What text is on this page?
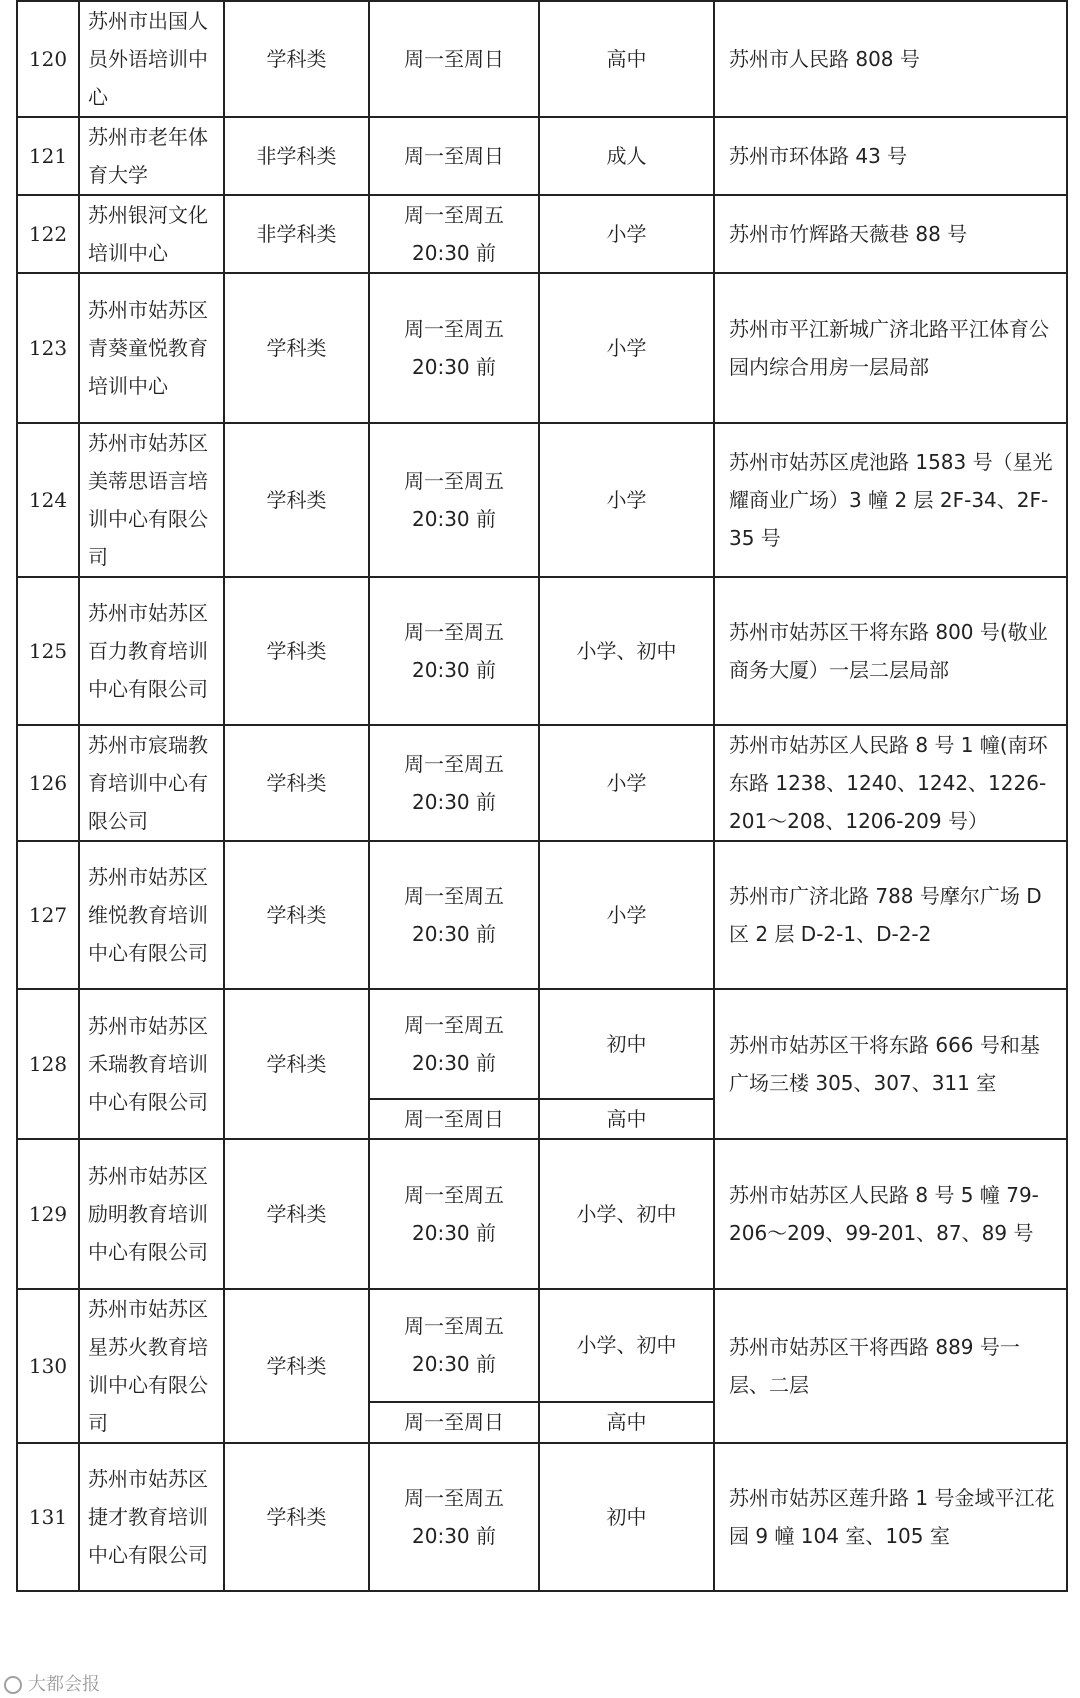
120	苏州市出国人员外语培训中心	学科类	周一至周日	高中	苏州市人民路 808 号
121	苏州市老年体育大学	非学科类	周一至周日	成人	苏州市环体路 43 号
122	苏州银河文化培训中心	非学科类	周一至周五 20:30 前	小学	苏州市竹辉路天薇巷 88 号
123	苏州市姑苏区青葵童悦教育培训中心	学科类	周一至周五 20:30 前	小学	苏州市平江新城广济北路平江体育公园内综合用房一层局部
124	苏州市姑苏区美蒂思语言培训中心有限公司	学科类	周一至周五 20:30 前	小学	苏州市姑苏区虎池路 1583 号（星光耀商业广场）3 幢 2 层 2F-34、2F-35 号
125	苏州市姑苏区百力教育培训中心有限公司	学科类	周一至周五 20:30 前	小学、初中	苏州市姑苏区干将东路 800 号(敬业商务大厦）一层二层局部
126	苏州市宸瑞教育培训中心有限公司	学科类	周一至周五 20:30 前	小学	苏州市姑苏区人民路 8 号 1 幢(南环东路 1238、1240、1242、1226-201～208、1206-209 号）
127	苏州市姑苏区维悦教育培训中心有限公司	学科类	周一至周五 20:30 前	小学	苏州市广济北路 788 号摩尔广场 D 区 2 层 D-2-1、D-2-2
128	苏州市姑苏区禾瑞教育培训中心有限公司	学科类	周一至周五 20:30 前	初中	苏州市姑苏区干将东路 666 号和基广场三楼 305、307、311 室
			周一至周日	高中	
129	苏州市姑苏区励明教育培训中心有限公司	学科类	周一至周五 20:30 前	小学、初中	苏州市姑苏区人民路 8 号 5 幢 79-206～209、99-201、87、89 号
130	苏州市姑苏区星苏火教育培训中心有限公司	学科类	周一至周五 20:30 前	小学、初中	苏州市姑苏区干将西路 889 号一层、二层
			周一至周日	高中	
131	苏州市姑苏区捷才教育培训中心有限公司	学科类	周一至周五 20:30 前	初中	苏州市姑苏区莲升路 1 号金域平江花园 9 幢 104 室、105 室
大都会报
